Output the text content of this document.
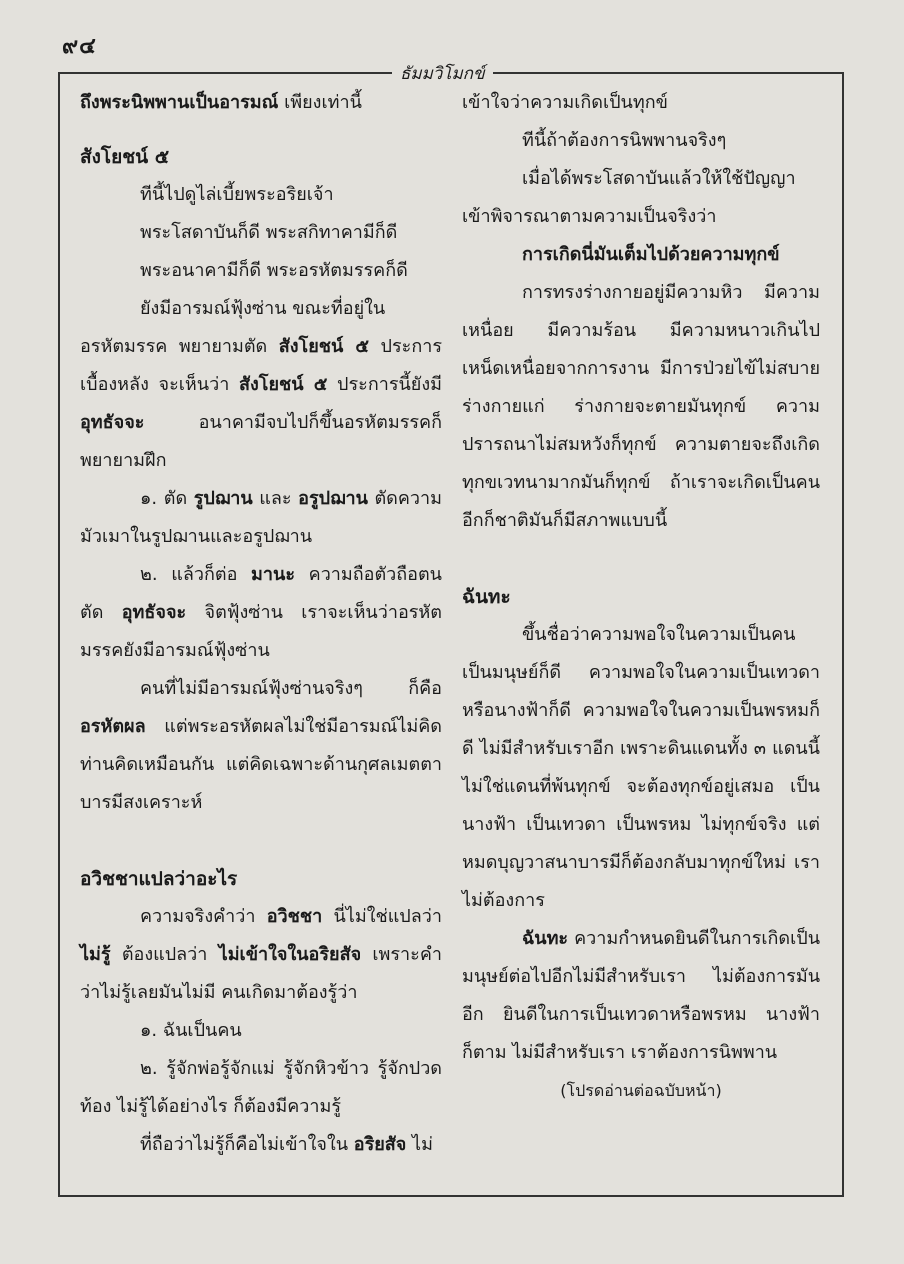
๙๔
ธัมมวิโมกข์

ถึงพระนิพพานเป็นอารมณ์ เพียงเท่านี้

สังโยชน์ ๕

ทีนี้ไปดูไล่เบี้ยพระอริยเจ้า

พระโสดาบันก็ดี พระสกิทาคามีก็ดี

พระอนาคามีก็ดี พระอรหัตมรรคก็ดี

ยังมีอารมณ์ฟุ้งซ่าน ขณะที่อยู่ใน

อรหัตมรรค พยายามตัด สังโยชน์ ๕ ประการเบื้องหลัง จะเห็นว่า สังโยชน์ ๕ ประการนี้ยังมี อุทธัจจะ อนาคามีจบไปก็ขึ้นอรหัตมรรคก็พยายามฝึก

๑. ตัด รูปฌาน และ อรูปฌาน ตัดความมัวเมาในรูปฌานและอรูปฌาน

๒. แล้วก็ต่อ มานะ ความถือตัวถือตน ตัด อุทธัจจะ จิตฟุ้งซ่าน เราจะเห็นว่าอรหัตมรรคยังมีอารมณ์ฟุ้งซ่าน

คนที่ไม่มีอารมณ์ฟุ้งซ่านจริงๆ ก็คือ อรหัตผล แต่พระอรหัตผลไม่ใช่มีอารมณ์ไม่คิด ท่านคิดเหมือนกัน แต่คิดเฉพาะด้านกุศลเมตตาบารมีสงเคราะห์

อวิชชาแปลว่าอะไร

ความจริงคำว่า อวิชชา นี่ไม่ใช่แปลว่า ไม่รู้ ต้องแปลว่า ไม่เข้าใจในอริยสัจ เพราะคำว่าไม่รู้เลยมันไม่มี คนเกิดมาต้องรู้ว่า

๑. ฉันเป็นคน

๒. รู้จักพ่อรู้จักแม่ รู้จักหิวข้าว รู้จักปวดท้อง ไม่รู้ได้อย่างไร ก็ต้องมีความรู้

ที่ถือว่าไม่รู้ก็คือไม่เข้าใจใน อริยสัจ ไม่

เข้าใจว่าความเกิดเป็นทุกข์

ทีนี้ถ้าต้องการนิพพานจริงๆ

เมื่อได้พระโสดาบันแล้วให้ใช้ปัญญาเข้าพิจารณาตามความเป็นจริงว่า

การเกิดนี่มันเต็มไปด้วยความทุกข์

การทรงร่างกายอยู่มีความหิว มีความเหนื่อย มีความร้อน มีความหนาวเกินไป เหน็ดเหนื่อยจากการงาน มีการป่วยไข้ไม่สบาย ร่างกายแก่ ร่างกายจะตายมันทุกข์ ความปรารถนาไม่สมหวังก็ทุกข์ ความตายจะถึงเกิดทุกขเวทนามากมันก็ทุกข์ ถ้าเราจะเกิดเป็นคนอีกก็ชาติมันก็มีสภาพแบบนี้

ฉันทะ

ขึ้นชื่อว่าความพอใจในความเป็นคนเป็นมนุษย์ก็ดี ความพอใจในความเป็นเทวดาหรือนางฟ้าก็ดี ความพอใจในความเป็นพรหมก็ดี ไม่มีสำหรับเราอีก เพราะดินแดนทั้ง ๓ แดนนี้ไม่ใช่แดนที่พ้นทุกข์ จะต้องทุกข์อยู่เสมอ เป็นนางฟ้า เป็นเทวดา เป็นพรหม ไม่ทุกข์จริง แต่หมดบุญวาสนาบารมีก็ต้องกลับมาทุกข์ใหม่ เราไม่ต้องการ

ฉันทะ ความกำหนดยินดีในการเกิดเป็นมนุษย์ต่อไปอีกไม่มีสำหรับเรา ไม่ต้องการมันอีก ยินดีในการเป็นเทวดาหรือพรหม นางฟ้าก็ตาม ไม่มีสำหรับเรา เราต้องการนิพพาน

(โปรดอ่านต่อฉบับหน้า)
